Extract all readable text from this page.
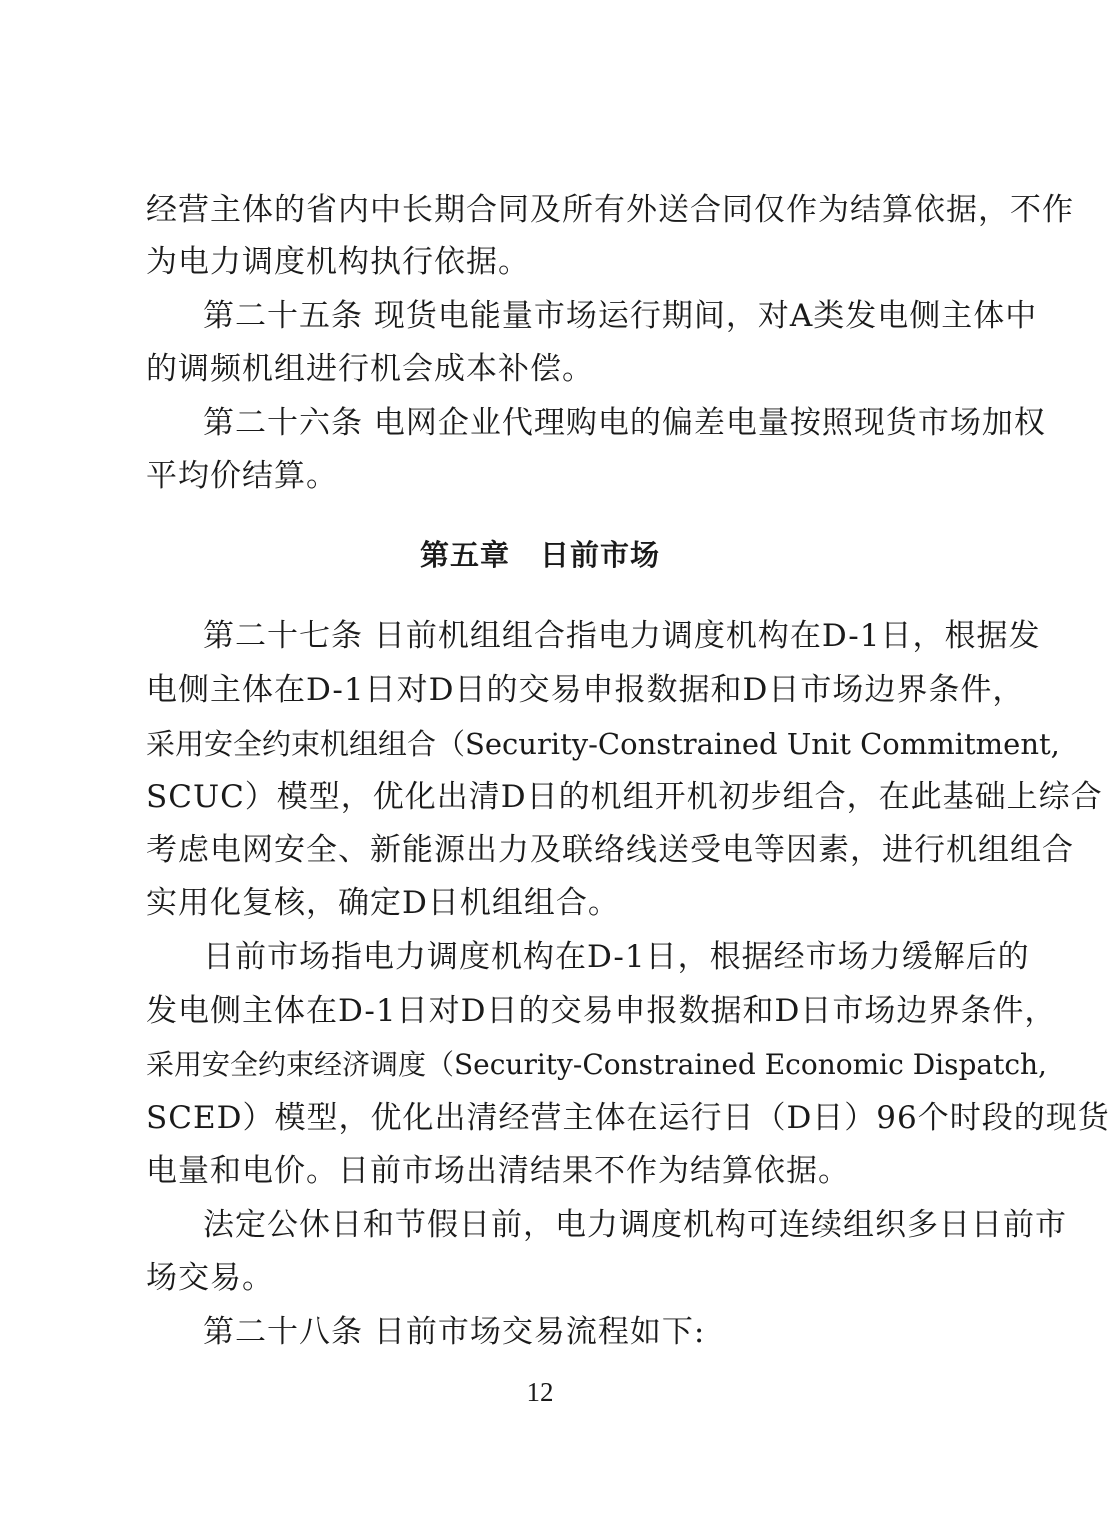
经营主体的省内中长期合同及所有外送合同仅作为结算依据，不作
为电力调度机构执行依据。
第二十五条 现货电能量市场运行期间，对A类发电侧主体中
的调频机组进行机会成本补偿。
第二十六条 电网企业代理购电的偏差电量按照现货市场加权
平均价结算。
第五章　日前市场
第二十七条 日前机组组合指电力调度机构在D-1日，根据发
电侧主体在D-1日对D日的交易申报数据和D日市场边界条件，
采用安全约束机组组合（Security-Constrained Unit Commitment,
SCUC）模型，优化出清D日的机组开机初步组合，在此基础上综合
考虑电网安全、新能源出力及联络线送受电等因素，进行机组组合
实用化复核，确定D日机组组合。
日前市场指电力调度机构在D-1日，根据经市场力缓解后的
发电侧主体在D-1日对D日的交易申报数据和D日市场边界条件，
采用安全约束经济调度（Security-Constrained Economic Dispatch,
SCED）模型，优化出清经营主体在运行日（D日）96个时段的现货
电量和电价。日前市场出清结果不作为结算依据。
法定公休日和节假日前，电力调度机构可连续组织多日日前市
场交易。
第二十八条 日前市场交易流程如下:
12
